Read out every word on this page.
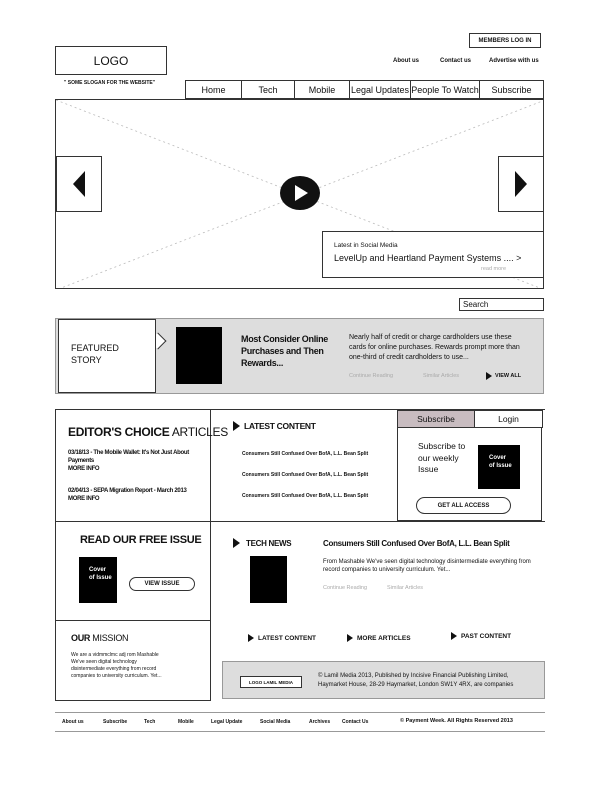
LOGO
" SOME SLOGAN FOR THE WEBSITE"
MEMBERS LOG IN
About us	Contact us	Advertise with us
Home	Tech	Mobile	Legal Updates People To Watch	Subscribe
Latest in Social Media
LevelUp and Heartland Payment Systems .... >
read more
Search
FEATURED
STORY
Most Consider Online Purchases and Then Rewards...
Nearly half of credit or charge cardholders use these cards for online purchases. Rewards prompt more than one-third of credit cardholders to use...
Continue Reading	Similar Articles	VIEW ALL
EDITOR'S CHOICE ARTICLES
03/18/13 - The Mobile Wallet: It's Not Just About Payments
MORE INFO
02/04/13 - SEPA Migration Report - March 2013
MORE INFO
LATEST CONTENT
Consumers Still Confused Over BofA, L.L. Bean Split
Consumers Still Confused Over BofA, L.L. Bean Split
Consumers Still Confused Over BofA, L.L. Bean Split
Subscribe	Login
Subscribe to our weekly Issue
Cover of Issue
GET ALL ACCESS
READ OUR FREE ISSUE
Cover of Issue
VIEW ISSUE
TECH NEWS	Consumers Still Confused Over BofA, L.L. Bean Split
From Mashable We've seen digital technology disintermediate everything from record companies to university curriculum. Yet...
Continue Reading	Similar Articles
OUR MISSION
We are a vidmmclmc adj rom Mashable We've seen digital technology disintermediate everything from record companies to university curriculum. Yet...
LATEST CONTENT	MORE ARTICLES	PAST CONTENT
LOGO LAMIL MEDIA
© Lamil Media 2013, Published by Incisive Financial Publishing Limited, Haymarket House, 28-29 Haymarket, London SW1Y 4RX, are companies
About us	Subscribe	Tech	Mobile	Legal Update	Social Media	Archives Contact Us	© Payment Week. All Rights Reserved 2013
